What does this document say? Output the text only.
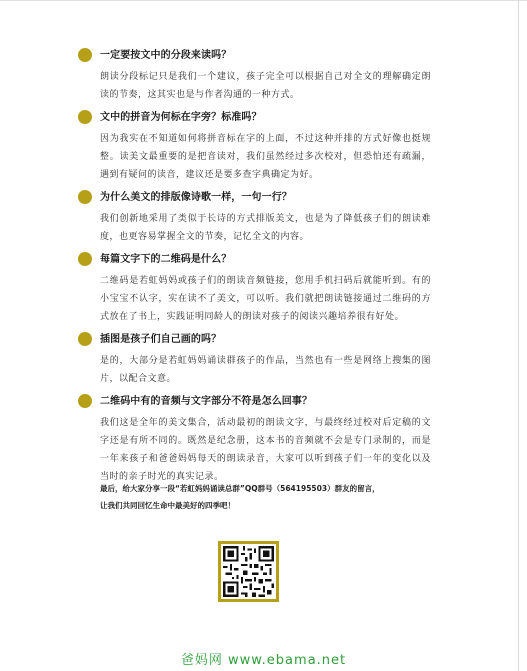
一定要按文中的分段来读吗？
朗读分段标记只是我们一个建议，孩子完全可以根据自己对全文的理解确定朗读的节奏，这其实也是与作者沟通的一种方式。
文中的拼音为何标在字旁？标准吗？
因为我实在不知道如何将拼音标在字的上面，不过这种并排的方式好像也挺规整。读美文最重要的是把音读对，我们虽然经过多次校对，但恐怕还有疏漏，遇到有疑问的读音，建议还是要多查字典确定为好。
为什么美文的排版像诗歌一样，一句一行？
我们创新地采用了类似于长诗的方式排版美文，也是为了降低孩子们的朗读难度，也更容易掌握全文的节奏，记忆全文的内容。
每篇文字下的二维码是什么？
二维码是若虹妈妈或孩子们的朗读音频链接，您用手机扫码后就能听到。有的小宝宝不认字，实在读不了美文，可以听。我们就把朗读链接通过二维码的方式放在了书上，实践证明同龄人的朗读对孩子的阅读兴趣培养很有好处。
插图是孩子们自己画的吗？
是的，大部分是若虹妈妈诵读群孩子的作品，当然也有一些是网络上搜集的图片，以配合文意。
二维码中有的音频与文字部分不符是怎么回事？
我们这是全年的美文集合，活动最初的朗读文字，与最终经过校对后定稿的文字还是有所不同的。既然是纪念册，这本书的音频就不会是专门录制的，而是一年来孩子和爸爸妈妈每天的朗读录音，大家可以听到孩子们一年的变化以及当时的亲子时光的真实记录。

最后，给大家分享一段“若虹妈妈诵读总群”QQ群号（564195503）群友的留言，

让我们共同回忆生命中最美好的四季吧！

爸妈网 www.ebama.net
